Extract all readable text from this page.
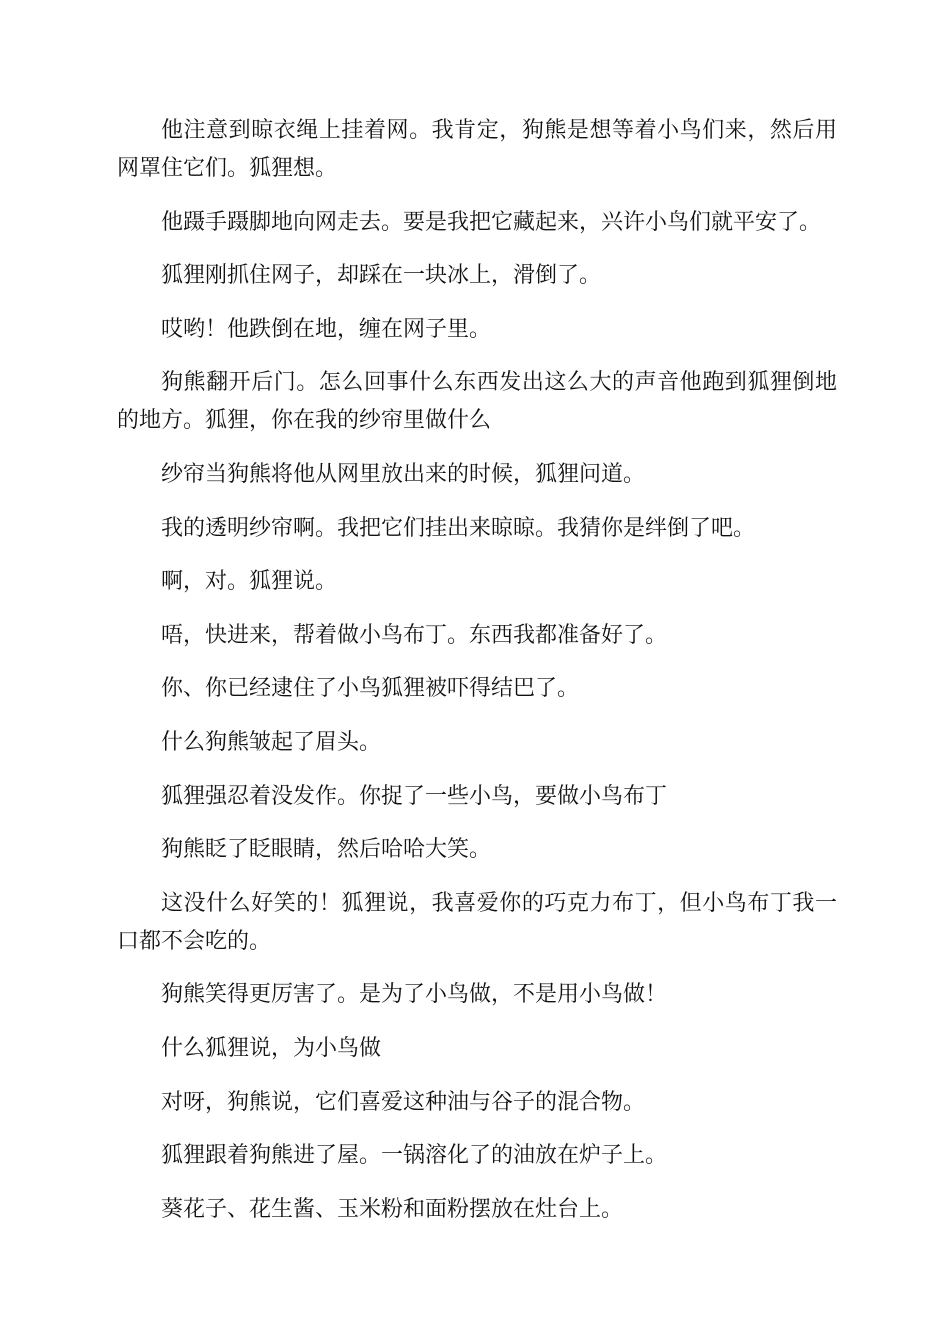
他注意到晾衣绳上挂着网。我肯定，狗熊是想等着小鸟们来，然后用网罩住它们。狐狸想。

他蹑手蹑脚地向网走去。要是我把它藏起来，兴许小鸟们就平安了。

狐狸刚抓住网子，却踩在一块冰上，滑倒了。

哎哟！他跌倒在地，缠在网子里。

狗熊翻开后门。怎么回事什么东西发出这么大的声音他跑到狐狸倒地的地方。狐狸，你在我的纱帘里做什么

纱帘当狗熊将他从网里放出来的时候，狐狸问道。

我的透明纱帘啊。我把它们挂出来晾晾。我猜你是绊倒了吧。

啊，对。狐狸说。

唔，快进来，帮着做小鸟布丁。东西我都准备好了。

你、你已经逮住了小鸟狐狸被吓得结巴了。

什么狗熊皱起了眉头。

狐狸强忍着没发作。你捉了一些小鸟，要做小鸟布丁

狗熊眨了眨眼睛，然后哈哈大笑。

这没什么好笑的！狐狸说，我喜爱你的巧克力布丁，但小鸟布丁我一口都不会吃的。

狗熊笑得更厉害了。是为了小鸟做，不是用小鸟做！

什么狐狸说，为小鸟做

对呀，狗熊说，它们喜爱这种油与谷子的混合物。

狐狸跟着狗熊进了屋。一锅溶化了的油放在炉子上。

葵花子、花生酱、玉米粉和面粉摆放在灶台上。
